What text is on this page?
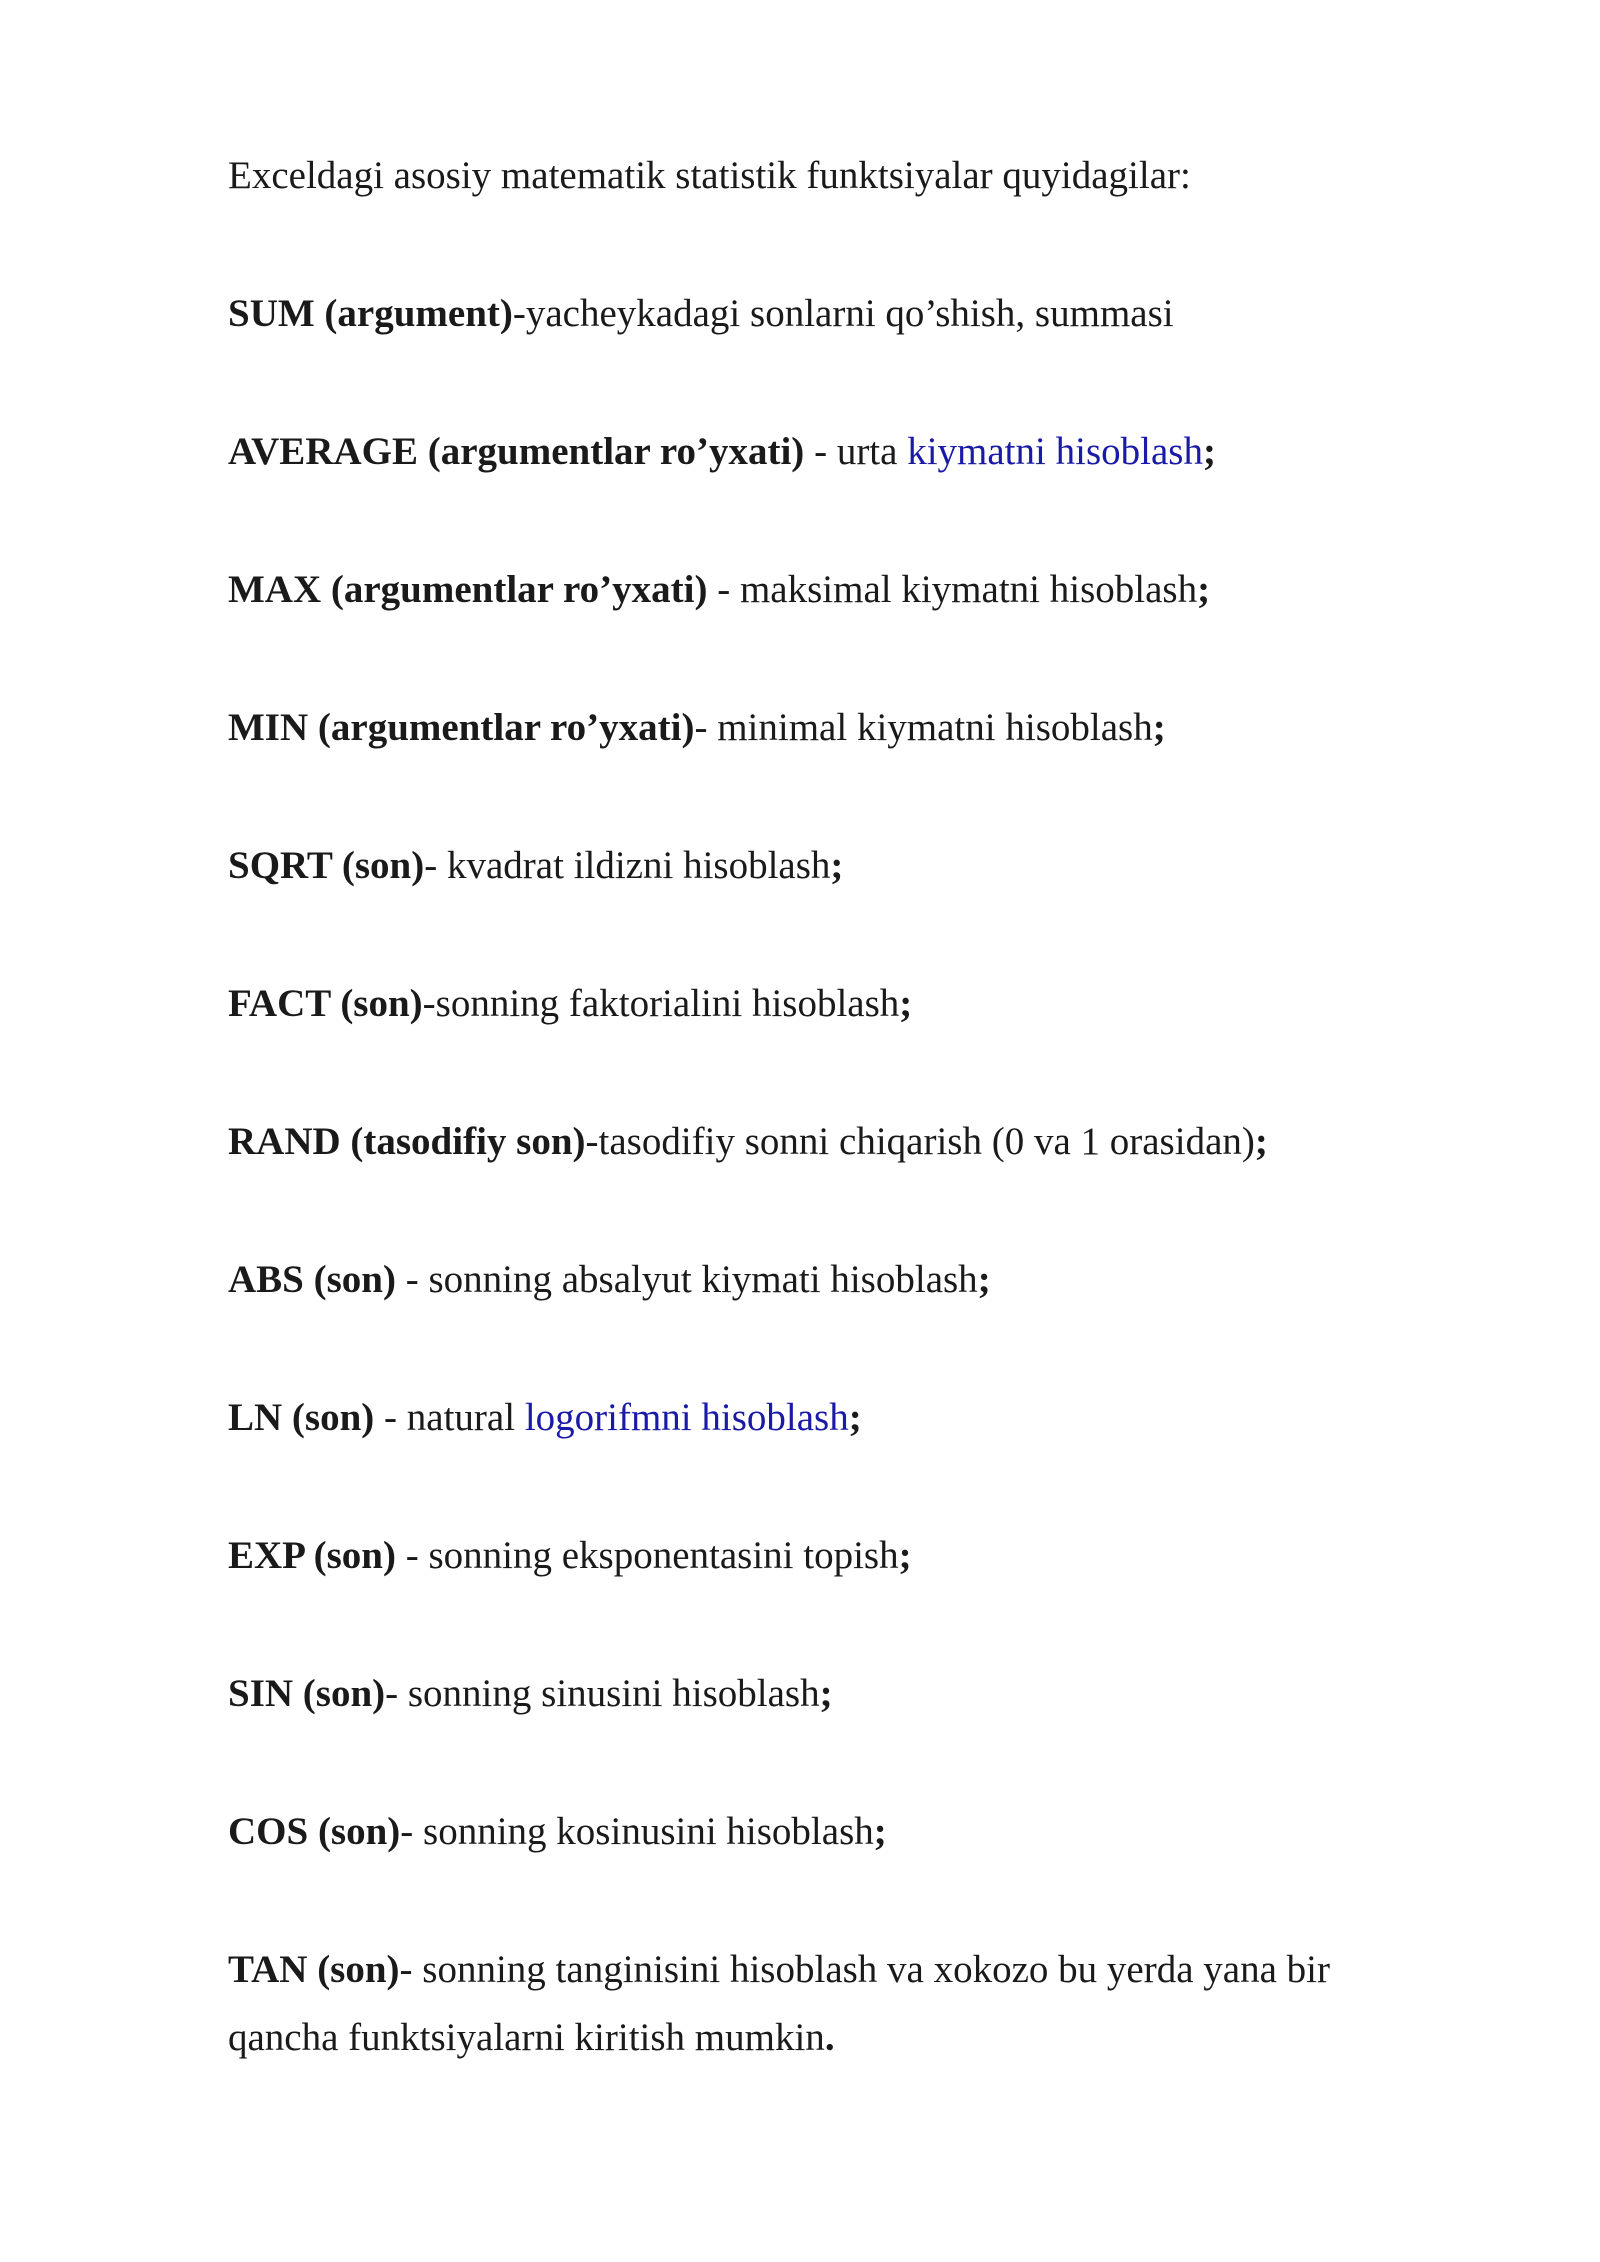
Exceldagi asosiy matematik statistik funktsiyalar quyidagilar:

SUM (argument)-yacheykadagi sonlarni qo’shish, summasi

AVERAGE (argumentlar ro’yxati) - urta kiymatni hisoblash;

MAX (argumentlar ro’yxati) - maksimal kiymatni hisoblash;

MIN (argumentlar ro’yxati)- minimal kiymatni hisoblash;

SQRT (son)- kvadrat ildizni hisoblash;

FACT (son)-sonning faktorialini hisoblash;

RAND (tasodifiy son)-tasodifiy sonni chiqarish (0 va 1 orasidan);

ABS (son) - sonning absalyut kiymati hisoblash;

LN (son) - natural logorifmni hisoblash;

EXP (son) - sonning eksponentasini topish;

SIN (son)- sonning sinusini hisoblash;

COS (son)- sonning kosinusini hisoblash;

TAN (son)- sonning tanginisini hisoblash va xokozo bu yerda yana bir qancha funktsiyalarni kiritish mumkin.
